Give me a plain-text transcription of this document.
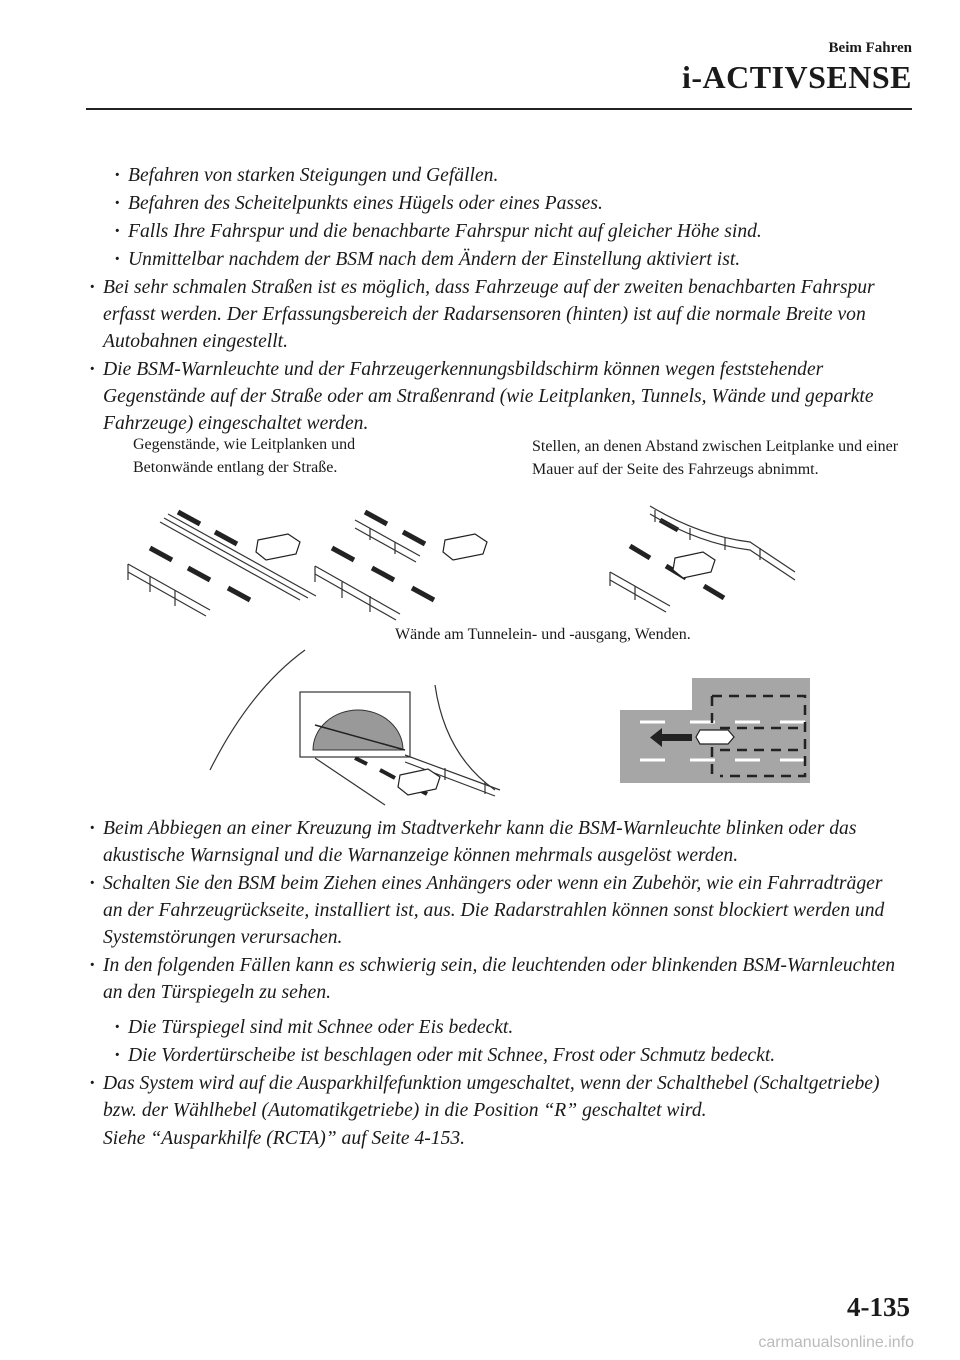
Beim Fahren
i-ACTIVSENSE
· Befahren von starken Steigungen und Gefällen.
· Befahren des Scheitelpunkts eines Hügels oder eines Passes.
· Falls Ihre Fahrspur und die benachbarte Fahrspur nicht auf gleicher Höhe sind.
· Unmittelbar nachdem der BSM nach dem Ändern der Einstellung aktiviert ist.
· Bei sehr schmalen Straßen ist es möglich, dass Fahrzeuge auf der zweiten benachbarten Fahrspur erfasst werden. Der Erfassungsbereich der Radarsensoren (hinten) ist auf die normale Breite von Autobahnen eingestellt.
· Die BSM-Warnleuchte und der Fahrzeugerkennungsbildschirm können wegen feststehender Gegenstände auf der Straße oder am Straßenrand (wie Leitplanken, Tunnels, Wände und geparkte Fahrzeuge) eingeschaltet werden.
Gegenstände, wie Leitplanken und Betonwände entlang der Straße.
Stellen, an denen Abstand zwischen Leitplanke und einer Mauer auf der Seite des Fahrzeugs abnimmt.
Wände am Tunnelein- und -ausgang, Wenden.
· Beim Abbiegen an einer Kreuzung im Stadtverkehr kann die BSM-Warnleuchte blinken oder das akustische Warnsignal und die Warnanzeige können mehrmals ausgelöst werden.
· Schalten Sie den BSM beim Ziehen eines Anhängers oder wenn ein Zubehör, wie ein Fahrradträger an der Fahrzeugrückseite, installiert ist, aus. Die Radarstrahlen können sonst blockiert werden und Systemstörungen verursachen.
· In den folgenden Fällen kann es schwierig sein, die leuchtenden oder blinkenden BSM-Warnleuchten an den Türspiegeln zu sehen.
· Die Türspiegel sind mit Schnee oder Eis bedeckt.
· Die Vordertürscheibe ist beschlagen oder mit Schnee, Frost oder Schmutz bedeckt.
· Das System wird auf die Ausparkhilfefunktion umgeschaltet, wenn der Schalthebel (Schaltgetriebe) bzw. der Wählhebel (Automatikgetriebe) in die Position “R” geschaltet wird.
Siehe “Ausparkhilfe (RCTA)” auf Seite 4-153.
4-135
carmanualsonline.info
